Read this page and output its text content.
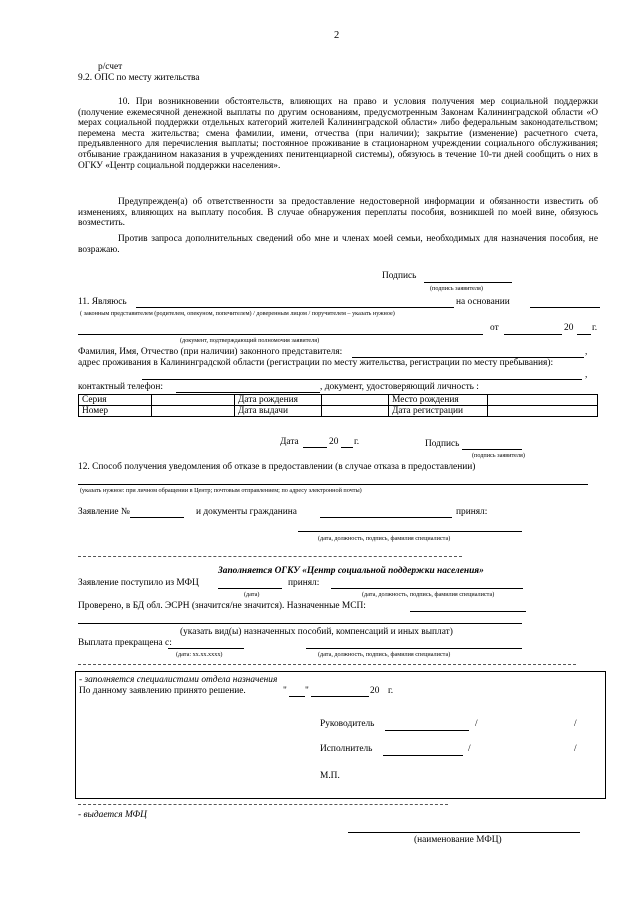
2
р/счет
9.2. ОПС по месту жительства
10. При возникновении обстоятельств, влияющих на право и условия получения мер социальной поддержки (получение ежемесячной денежной выплаты по другим основаниям, предусмотренным Законам Калининградской области «О мерах социальной поддержки отдельных категорий жителей Калининградской области» либо федеральным законодательством; перемена места жительства; смена фамилии, имени, отчества (при наличии); закрытие (изменение) расчетного счета, предъявленного для перечисления выплаты; постоянное проживание в стационарном учреждении социального обслуживания; отбывание гражданином наказания в учреждениях пенитенциарной системы), обязуюсь в течение 10-ти дней сообщить о них в ОГКУ «Центр социальной поддержки населения».
Предупрежден(а) об ответственности за предоставление недостоверной информации и обязанности известить об изменениях, влияющих на выплату пособия. В случае обнаружения переплаты пособия, возникшей по моей вине, обязуюсь возместить.
Против запроса дополнительных сведений обо мне и членах моей семьи, необходимых для назначения пособия, не возражаю.
Подпись
(подпись заявителя)
11. Являюсь	на основании
( законным представителем (родителем, опекуном, попечителем) / доверенным лицом / поручителем – указать нужное)
от	20 г.
(документ, подтверждающий полномочия заявителя)
Фамилия, Имя, Отчество (при наличии) законного представителя:	,
адрес проживания в Калининградской области (регистрации по месту жительства, регистрации по месту пребывания):
,
контактный телефон:	, документ, удостоверяющий личность :
Серия		Дата рождения		Место рождения	
Номер		Дата выдачи		Дата регистрации	
Дата	20 г.	Подпись
(подпись заявителя)
12. Способ получения уведомления об отказе в предоставлении (в случае отказа в предоставлении)
(указать нужное: при личном обращении в Центр; почтовым отправлением; по адресу электронной почты)
Заявление №	и документы гражданина	принял:
(дата, должность, подпись, фамилия специалиста)
Заполняется ОГКУ «Центр социальной поддержки населения»
Заявление поступило из МФЦ	принял:
(дата)	(дата, должность, подпись, фамилия специалиста)
Проверено, в БД обл. ЭСРН (значится/не значится). Назначенные МСП:
(указать вид(ы) назначенных пособий, компенсаций и иных выплат)
Выплата прекращена с:
(дата: хх.хх.хххх)	(дата, должность, подпись, фамилия специалиста)
- заполняется специалистами отдела назначения
По данному заявлению принято решение.	" "	20 г.
Руководитель	/	/
Исполнитель	/	/
М.П.
- выдается МФЦ
(наименование МФЦ)
